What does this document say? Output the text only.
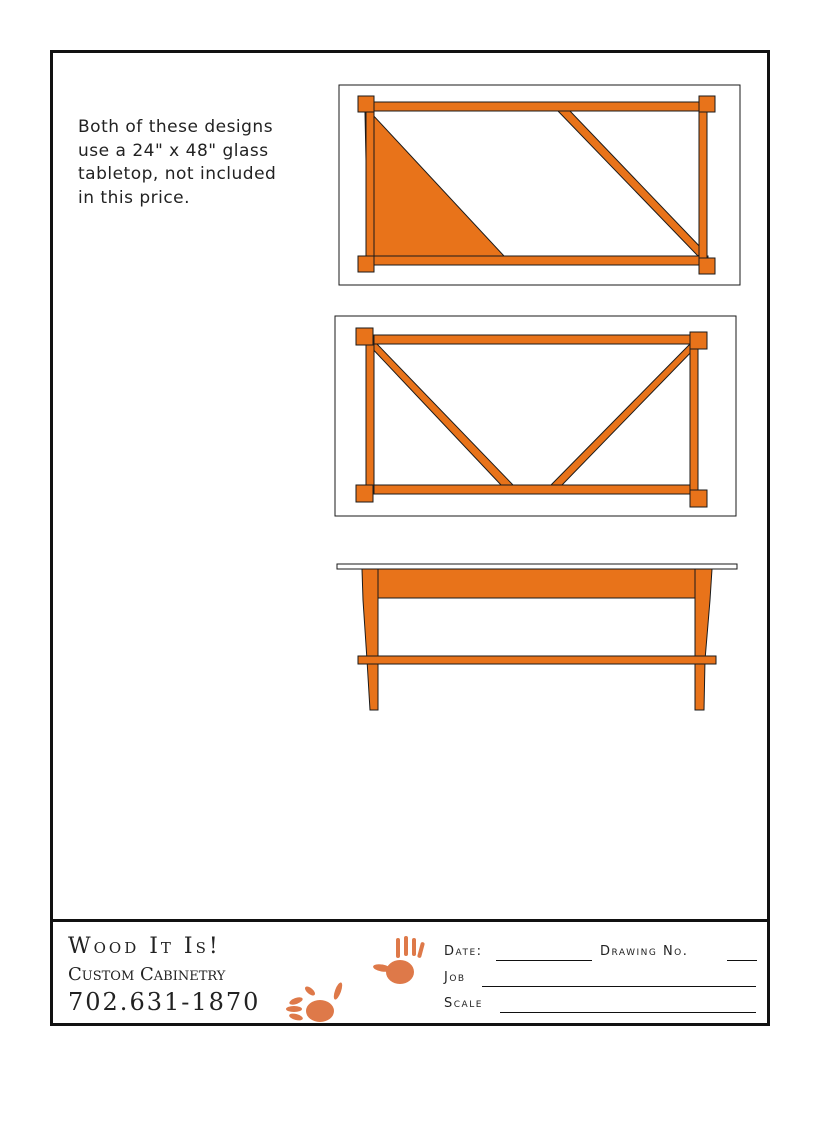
Both of these designs
use a 24" x 48" glass
tabletop, not included
in this price.
Wood It Is!
Custom Cabinetry
702.631-1870
Date:	Drawing No.
Job
Scale
